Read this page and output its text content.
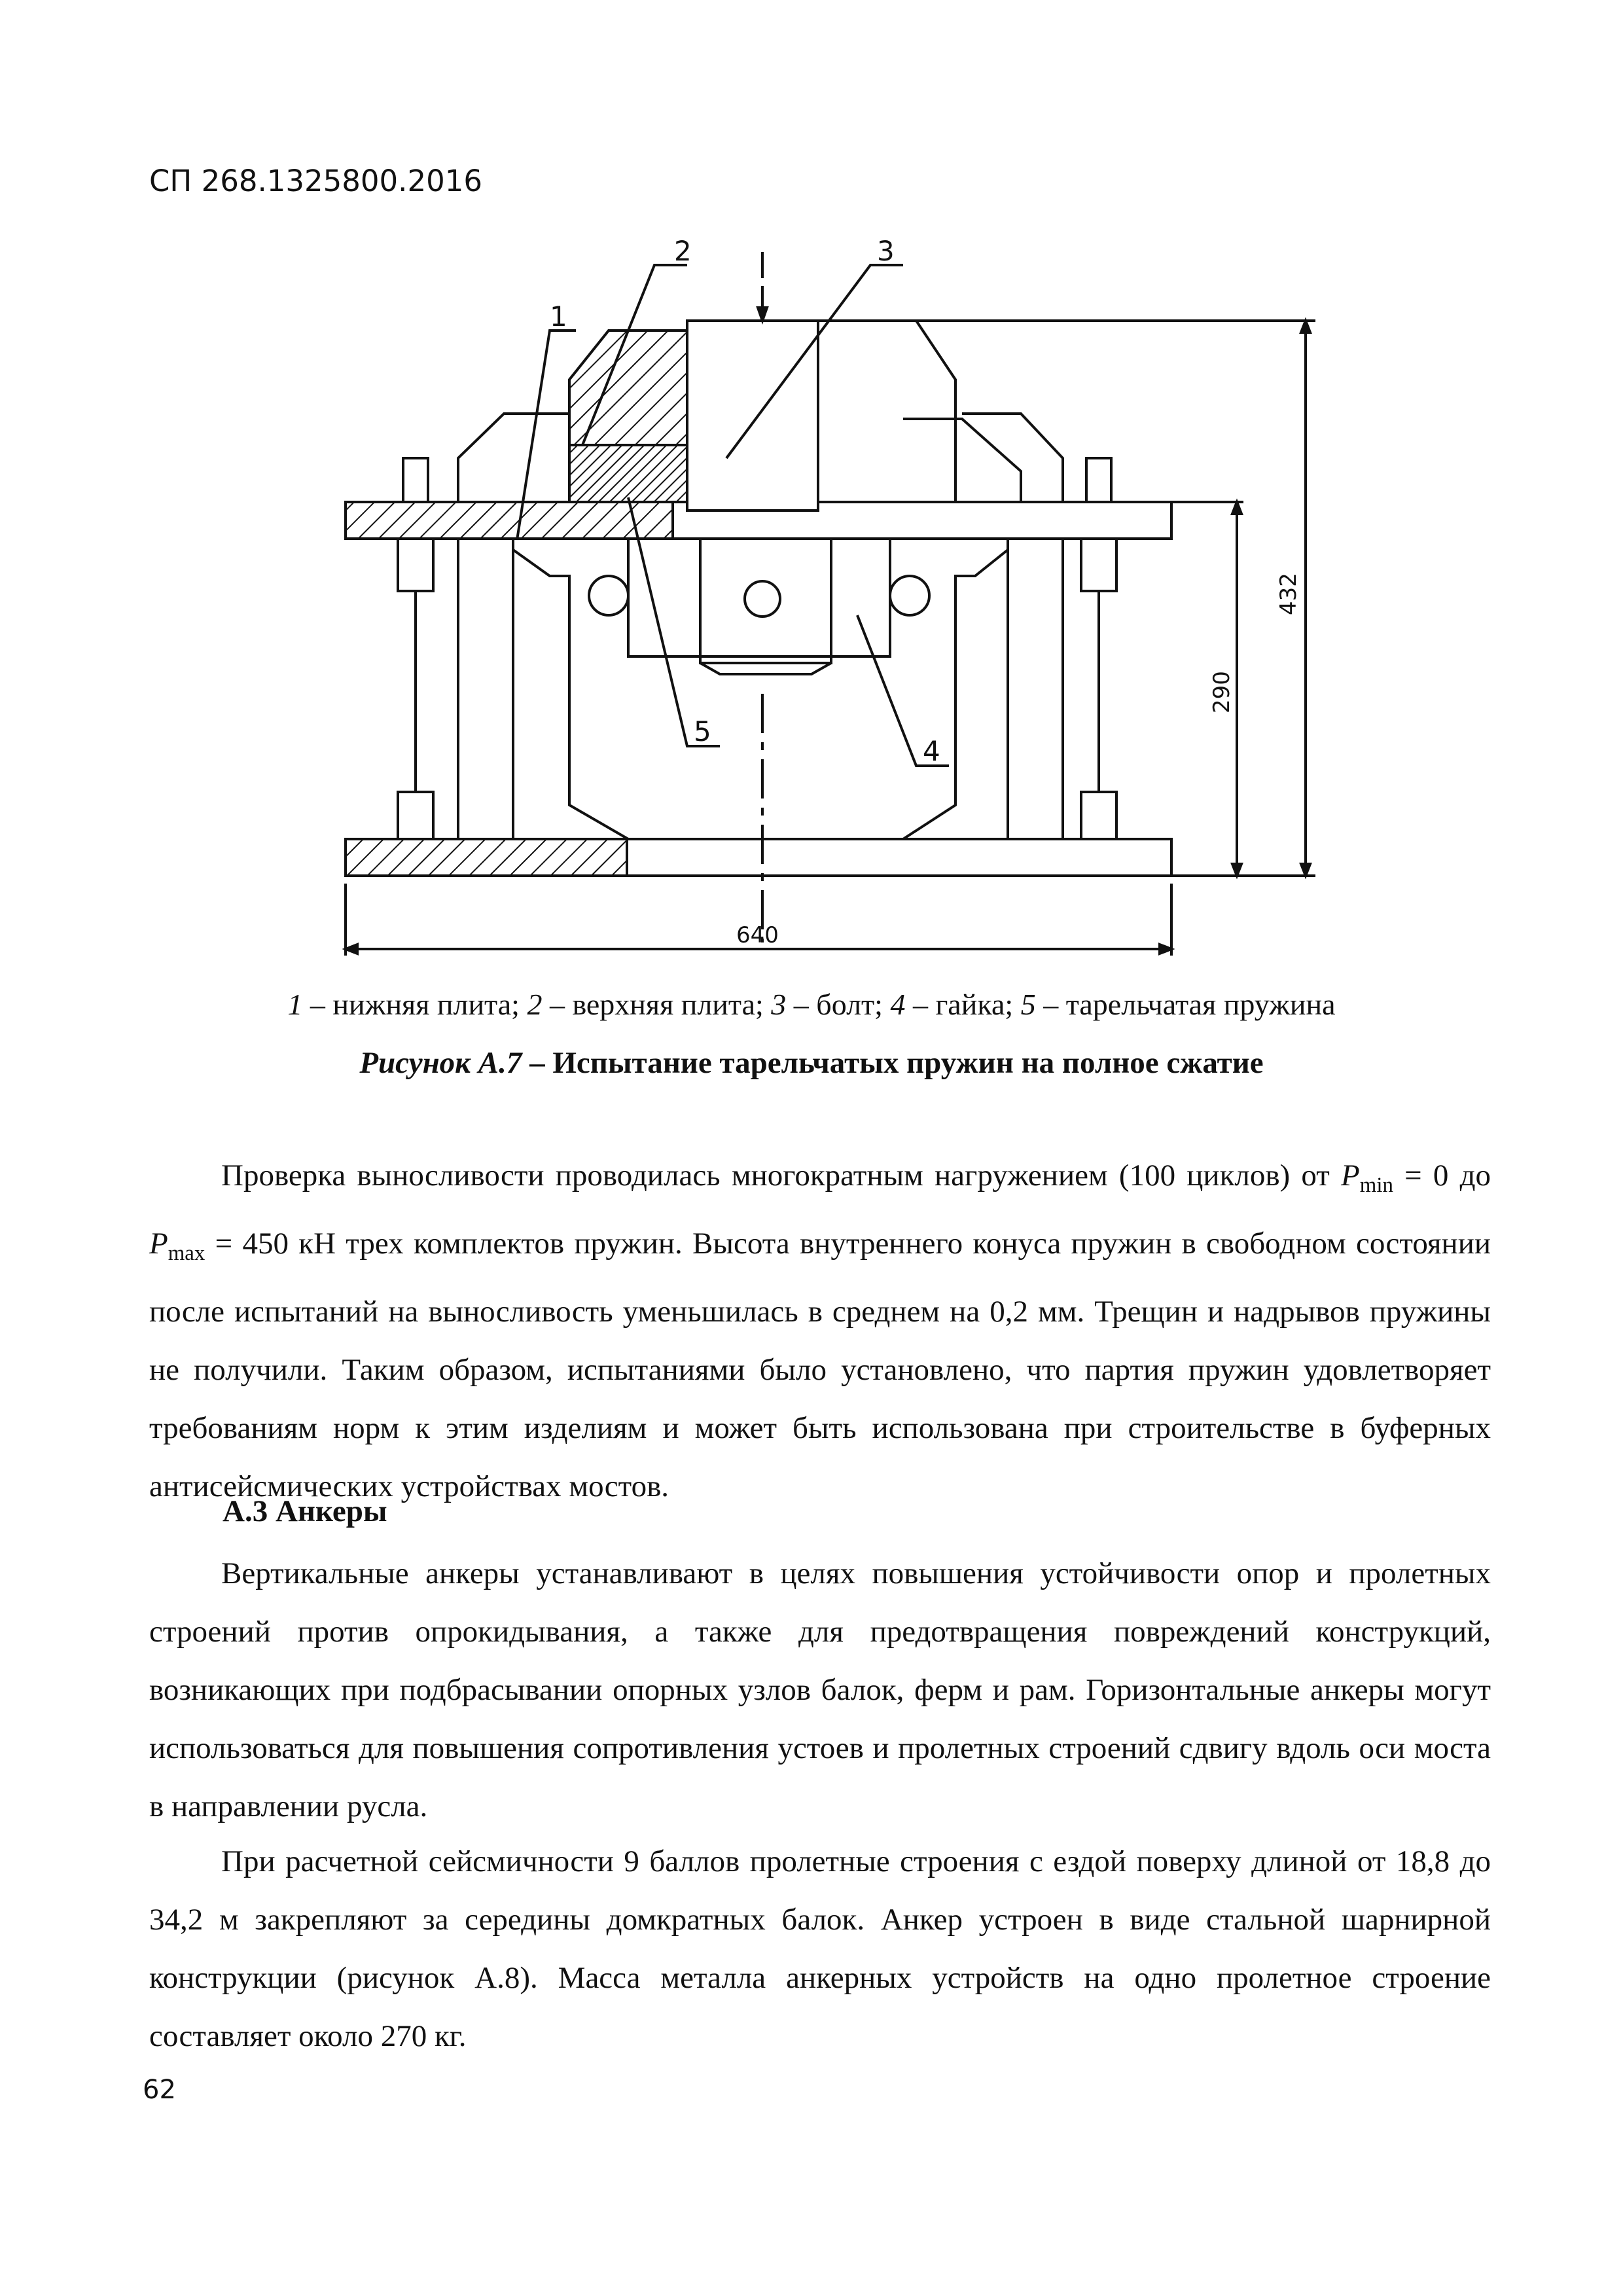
СП 268.1325800.2016
640
432
290
1
2	3
4
5
1 – нижняя плита; 2 – верхняя плита; 3 – болт; 4 – гайка; 5 – тарельчатая пружина
Рисунок А.7 – Испытание тарельчатых пружин на полное сжатие

Проверка выносливости проводилась многократным нагружением (100 циклов) от $P_{min} = 0$ до $P_{max} = 450$ кН трех комплектов пружин. Высота внутреннего конуса пружин в свободном состоянии после испытаний на выносливость уменьшилась в среднем на 0,2 мм. Трещин и надрывов пружины не получили. Таким образом, испытаниями было установлено, что партия пружин удовлетворяет требованиям норм к этим изделиям и может быть использована при строительстве в буферных антисейсмических устройствах мостов.

А.3 Анкеры

Вертикальные анкеры устанавливают в целях повышения устойчивости опор и пролетных строений против опрокидывания, а также для предотвращения повреждений конструкций, возникающих при подбрасывании опорных узлов балок, ферм и рам. Горизонтальные анкеры могут использоваться для повышения сопротивления устоев и пролетных строений сдвигу вдоль оси моста в направлении русла.

При расчетной сейсмичности 9 баллов пролетные строения с ездой поверху длиной от 18,8 до 34,2 м закрепляют за середины домкратных балок. Анкер устроен в виде стальной шарнирной конструкции (рисунок А.8). Масса металла анкерных устройств на одно пролетное строение составляет около 270 кг.

62
